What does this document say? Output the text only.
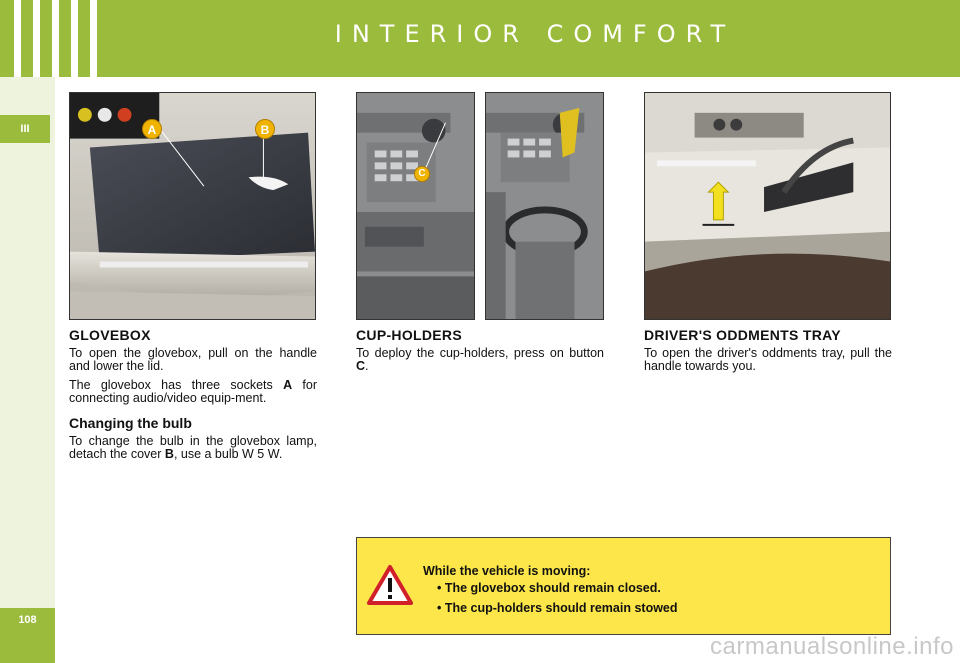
INTERIOR COMFORT
III
108
A	B
C
GLOVEBOX
To open the glovebox, pull on the handle and lower the lid.
The glovebox has three sockets A for connecting audio/video equip-ment.
Changing the bulb
To change the bulb in the glovebox lamp, detach the cover B, use a bulb W 5 W.
CUP-HOLDERS
To deploy the cup-holders, press on button C.
DRIVER'S ODDMENTS TRAY
To open the driver's oddments tray, pull the handle towards you.
While the vehicle is moving:
• The glovebox should remain closed.
• The cup-holders should remain stowed
carmanualsonline.info
